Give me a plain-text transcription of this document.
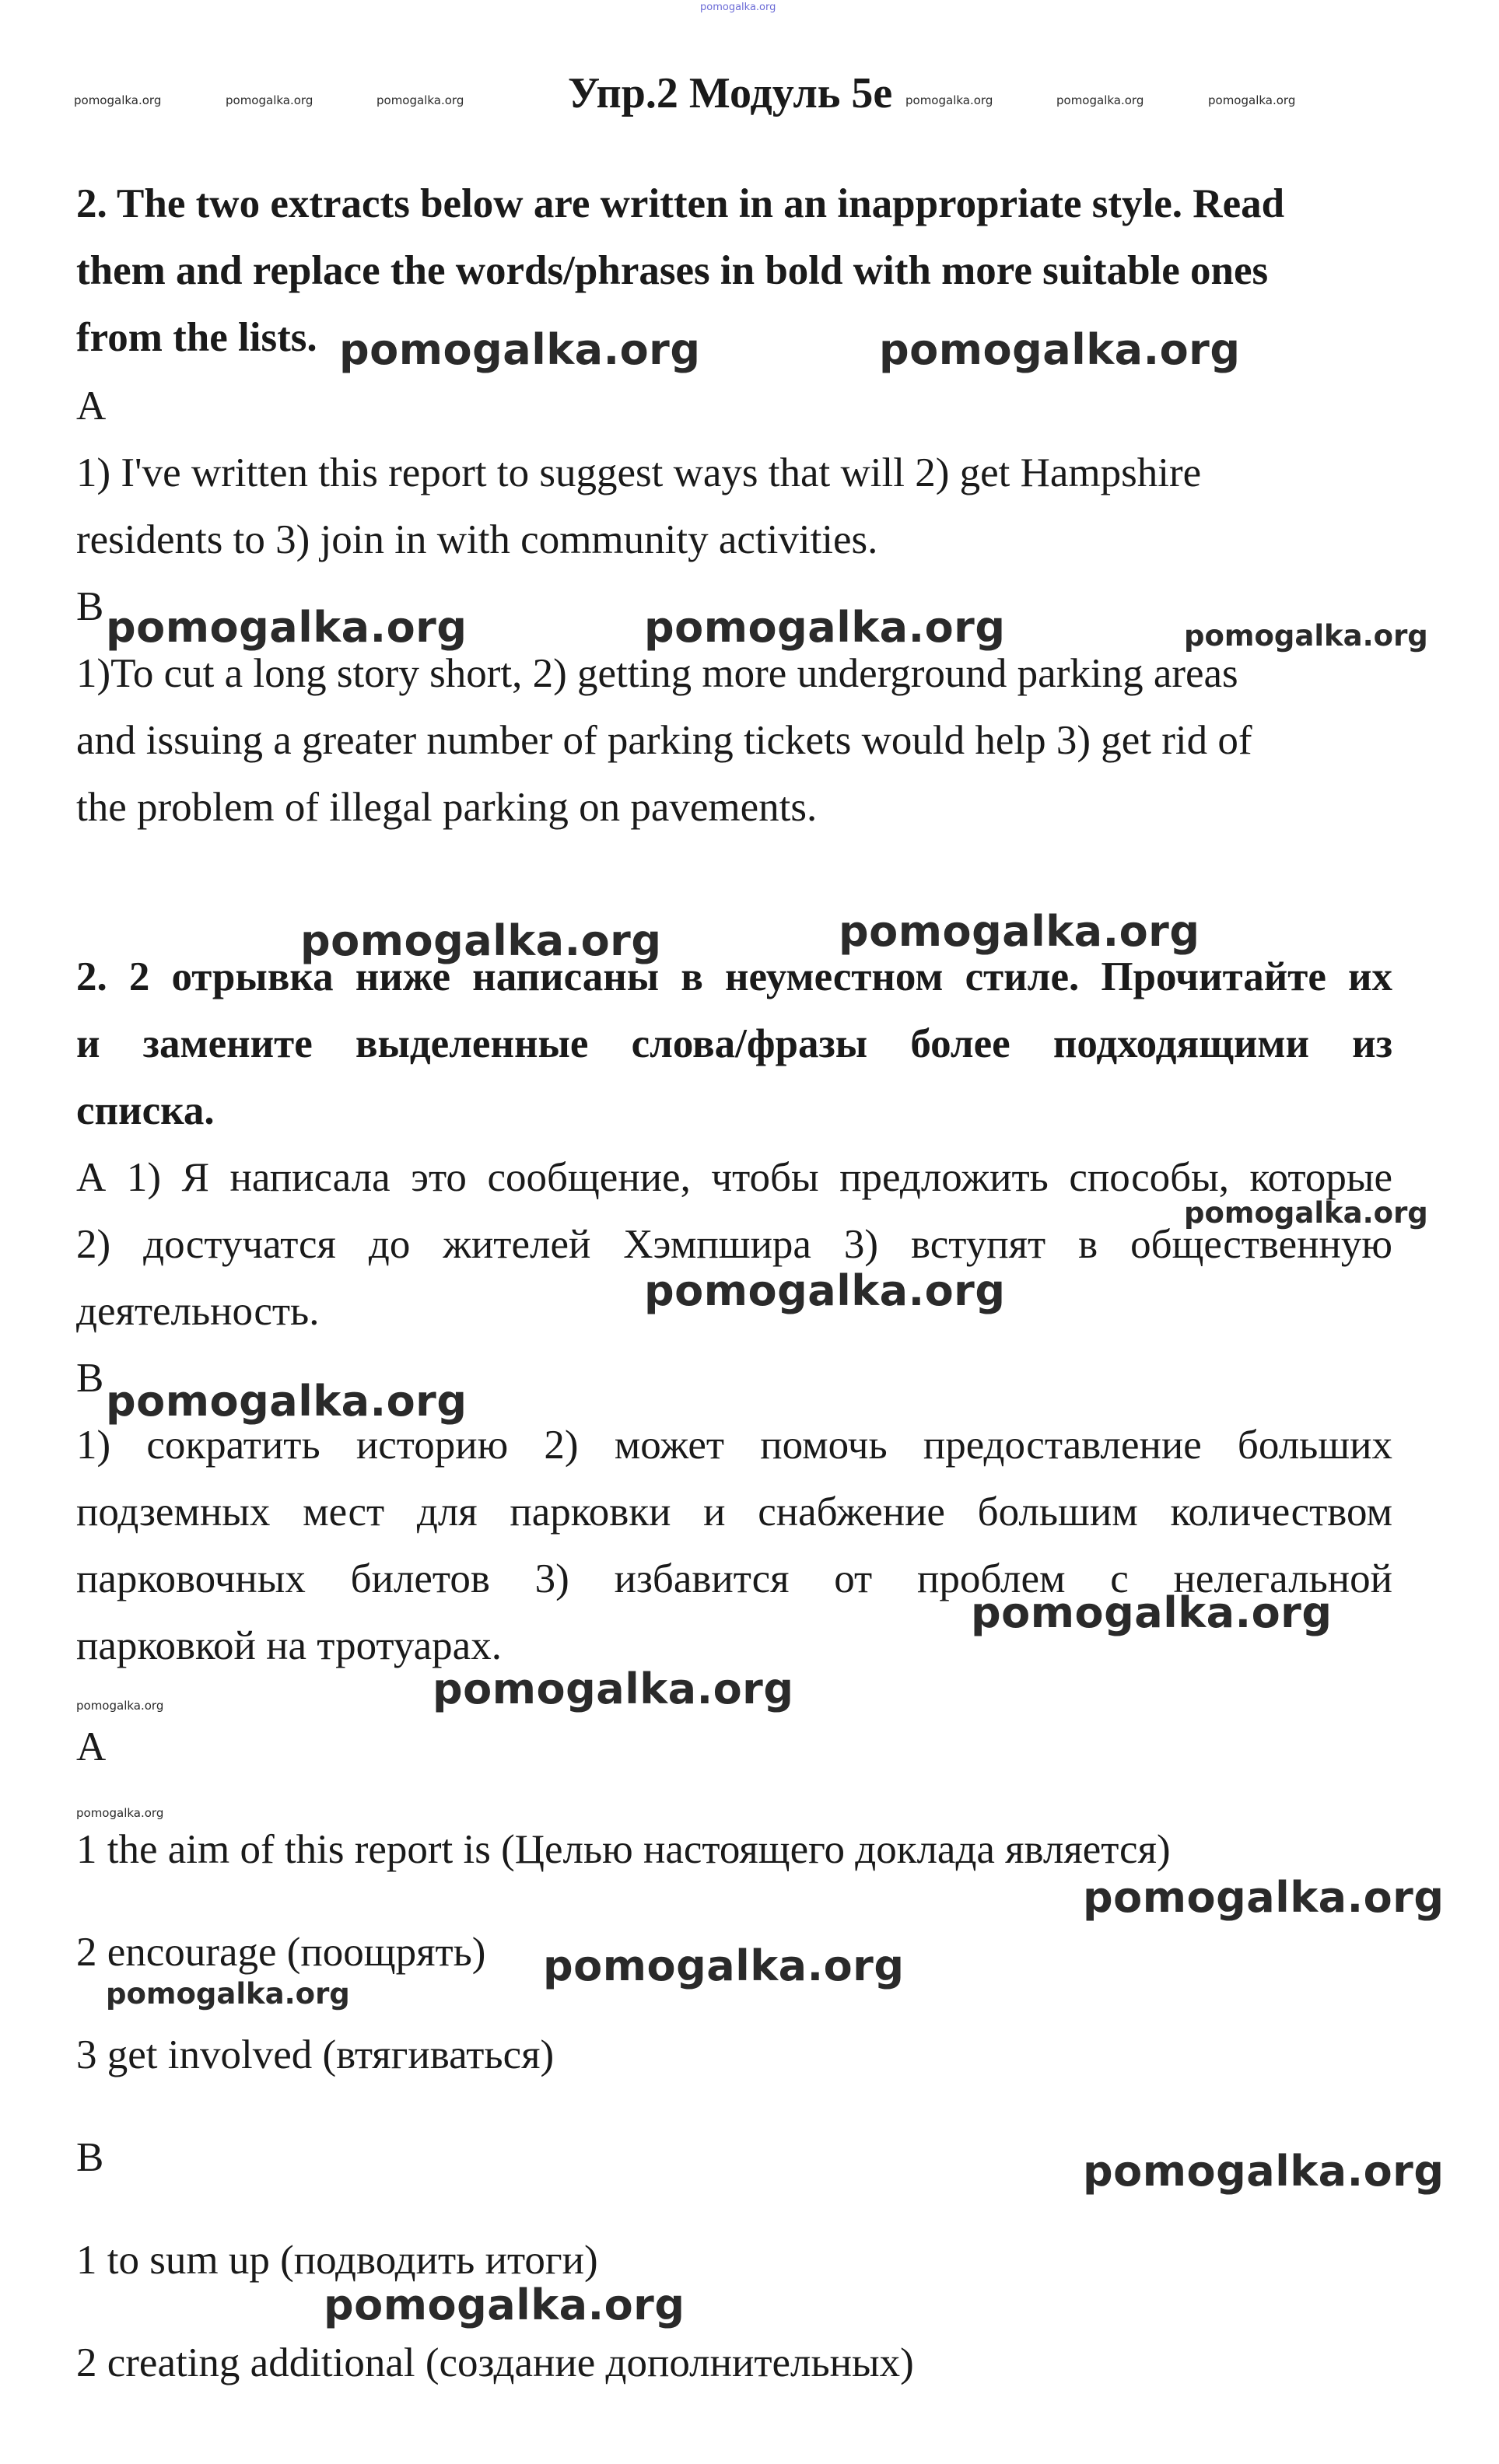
pomogalka.org
pomogalka.org	pomogalka.org	pomogalka.org Упр.2 Модуль 5е pomogalka.org	pomogalka.org	pomogalka.org
2. The two extracts below are written in an inappropriate style. Read
them and replace the words/phrases in bold with more suitable ones
from the lists.
A
1) I've written this report to suggest ways that will 2) get Hampshire
residents to 3) join in with community activities.
B
1)To cut a long story short, 2) getting more underground parking areas
and issuing a greater number of parking tickets would help 3) get rid of
the problem of illegal parking on pavements.
2. 2 отрывка ниже написаны в неуместном стиле. Прочитайте их
и замените выделенные слова/фразы более подходящими из
списка.
А 1) Я написала это сообщение, чтобы предложить способы, которые
2) достучатся до жителей Хэмпшира 3) вступят в общественную
деятельность.
В
1) сократить историю 2) может помочь предоставление больших
подземных мест для парковки и снабжение большим количеством
парковочных билетов 3) избавится от проблем с нелегальной
парковкой на тротуарах.
A
1 the aim of this report is (Целью настоящего доклада является)
2 encourage (поощрять)
3 get involved (втягиваться)
B
1 to sum up (подводить итоги)
2 creating additional (создание дополнительных)
pomogalka.org	pomogalka.org
pomogalka.org	pomogalka.org	pomogalka.org
pomogalka.org	pomogalka.org
pomogalka.org
pomogalka.org
pomogalka.org
pomogalka.org
pomogalka.org
pomogalka.org
pomogalka.org
pomogalka.org
pomogalka.org
pomogalka.org
pomogalka.org
pomogalka.org
